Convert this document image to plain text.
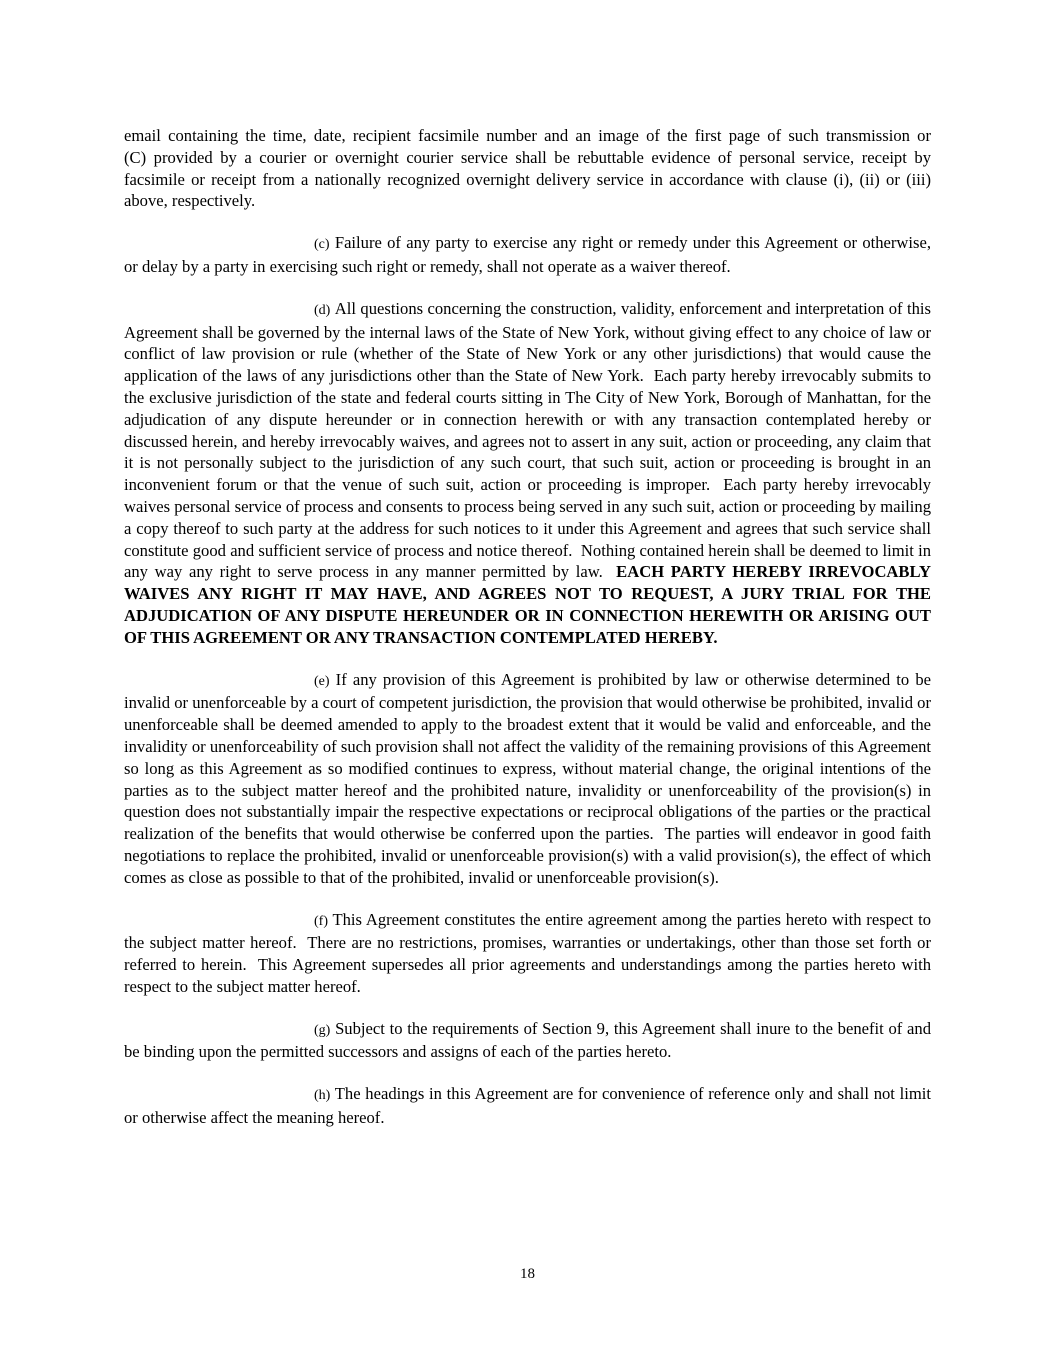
email containing the time, date, recipient facsimile number and an image of the first page of such transmission or (C) provided by a courier or overnight courier service shall be rebuttable evidence of personal service, receipt by facsimile or receipt from a nationally recognized overnight delivery service in accordance with clause (i), (ii) or (iii) above, respectively.

(c) Failure of any party to exercise any right or remedy under this Agreement or otherwise, or delay by a party in exercising such right or remedy, shall not operate as a waiver thereof.

(d) All questions concerning the construction, validity, enforcement and interpretation of this Agreement shall be governed by the internal laws of the State of New York, without giving effect to any choice of law or conflict of law provision or rule (whether of the State of New York or any other jurisdictions) that would cause the application of the laws of any jurisdictions other than the State of New York.  Each party hereby irrevocably submits to the exclusive jurisdiction of the state and federal courts sitting in The City of New York, Borough of Manhattan, for the adjudication of any dispute hereunder or in connection herewith or with any transaction contemplated hereby or discussed herein, and hereby irrevocably waives, and agrees not to assert in any suit, action or proceeding, any claim that it is not personally subject to the jurisdiction of any such court, that such suit, action or proceeding is brought in an inconvenient forum or that the venue of such suit, action or proceeding is improper.  Each party hereby irrevocably waives personal service of process and consents to process being served in any such suit, action or proceeding by mailing a copy thereof to such party at the address for such notices to it under this Agreement and agrees that such service shall constitute good and sufficient service of process and notice thereof.  Nothing contained herein shall be deemed to limit in any way any right to serve process in any manner permitted by law.  EACH PARTY HEREBY IRREVOCABLY WAIVES ANY RIGHT IT MAY HAVE, AND AGREES NOT TO REQUEST, A JURY TRIAL FOR THE ADJUDICATION OF ANY DISPUTE HEREUNDER OR IN CONNECTION HEREWITH OR ARISING OUT OF THIS AGREEMENT OR ANY TRANSACTION CONTEMPLATED HEREBY.

(e) If any provision of this Agreement is prohibited by law or otherwise determined to be invalid or unenforceable by a court of competent jurisdiction, the provision that would otherwise be prohibited, invalid or unenforceable shall be deemed amended to apply to the broadest extent that it would be valid and enforceable, and the invalidity or unenforceability of such provision shall not affect the validity of the remaining provisions of this Agreement so long as this Agreement as so modified continues to express, without material change, the original intentions of the parties as to the subject matter hereof and the prohibited nature, invalidity or unenforceability of the provision(s) in question does not substantially impair the respective expectations or reciprocal obligations of the parties or the practical realization of the benefits that would otherwise be conferred upon the parties.  The parties will endeavor in good faith negotiations to replace the prohibited, invalid or unenforceable provision(s) with a valid provision(s), the effect of which comes as close as possible to that of the prohibited, invalid or unenforceable provision(s).

(f) This Agreement constitutes the entire agreement among the parties hereto with respect to the subject matter hereof.  There are no restrictions, promises, warranties or undertakings, other than those set forth or referred to herein.  This Agreement supersedes all prior agreements and understandings among the parties hereto with respect to the subject matter hereof.

(g) Subject to the requirements of Section 9, this Agreement shall inure to the benefit of and be binding upon the permitted successors and assigns of each of the parties hereto.

(h) The headings in this Agreement are for convenience of reference only and shall not limit or otherwise affect the meaning hereof.

18
